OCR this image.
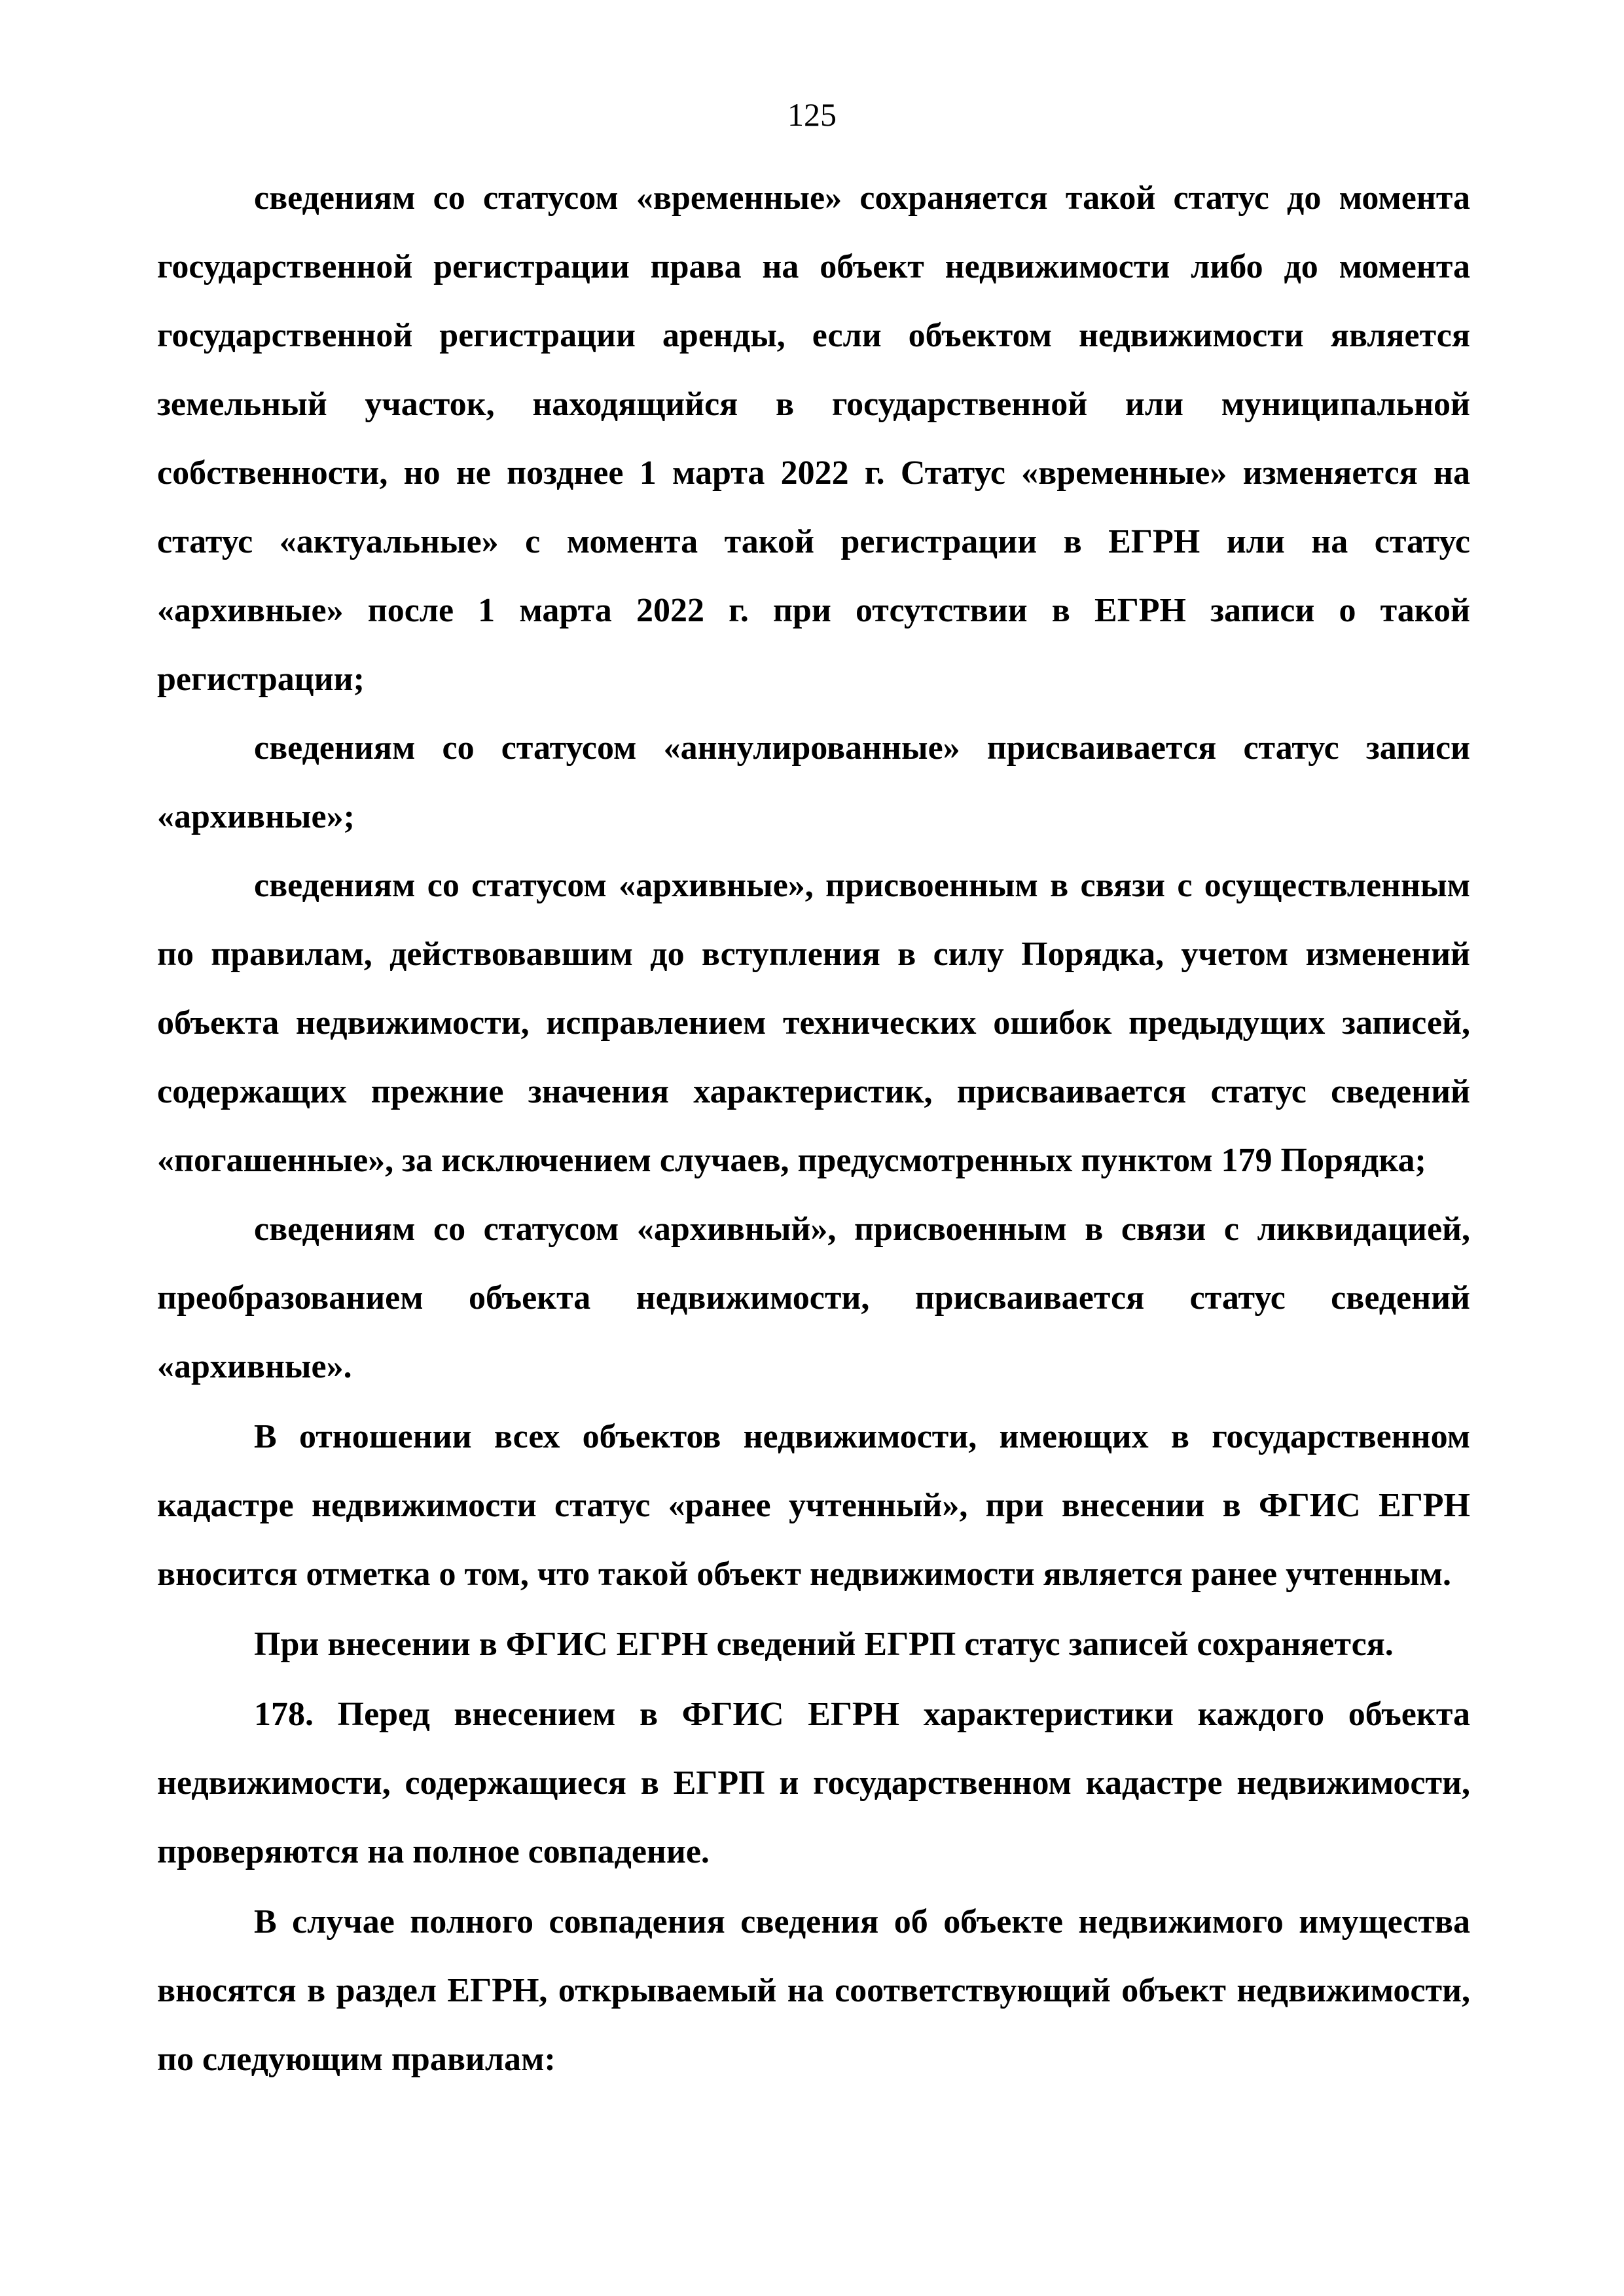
125

сведениям со статусом «временные» сохраняется такой статус до момента государственной регистрации права на объект недвижимости либо до момента государственной регистрации аренды, если объектом недвижимости является земельный участок, находящийся в государственной или муниципальной собственности, но не позднее 1 марта 2022 г. Статус «временные» изменяется на статус «актуальные» с момента такой регистрации в ЕГРН или на статус «архивные» после 1 марта 2022 г. при отсутствии в ЕГРН записи о такой регистрации;

сведениям со статусом «аннулированные» присваивается статус записи «архивные»;

сведениям со статусом «архивные», присвоенным в связи с осуществленным по правилам, действовавшим до вступления в силу Порядка, учетом изменений объекта недвижимости, исправлением технических ошибок предыдущих записей, содержащих прежние значения характеристик, присваивается статус сведений «погашенные», за исключением случаев, предусмотренных пунктом 179 Порядка;

сведениям со статусом «архивный», присвоенным в связи с ликвидацией, преобразованием объекта недвижимости, присваивается статус сведений «архивные».

В отношении всех объектов недвижимости, имеющих в государственном кадастре недвижимости статус «ранее учтенный», при внесении в ФГИС ЕГРН вносится отметка о том, что такой объект недвижимости является ранее учтенным.

При внесении в ФГИС ЕГРН сведений ЕГРП статус записей сохраняется.

178. Перед внесением в ФГИС ЕГРН характеристики каждого объекта недвижимости, содержащиеся в ЕГРП и государственном кадастре недвижимости, проверяются на полное совпадение.

В случае полного совпадения сведения об объекте недвижимого имущества вносятся в раздел ЕГРН, открываемый на соответствующий объект недвижимости, по следующим правилам:
